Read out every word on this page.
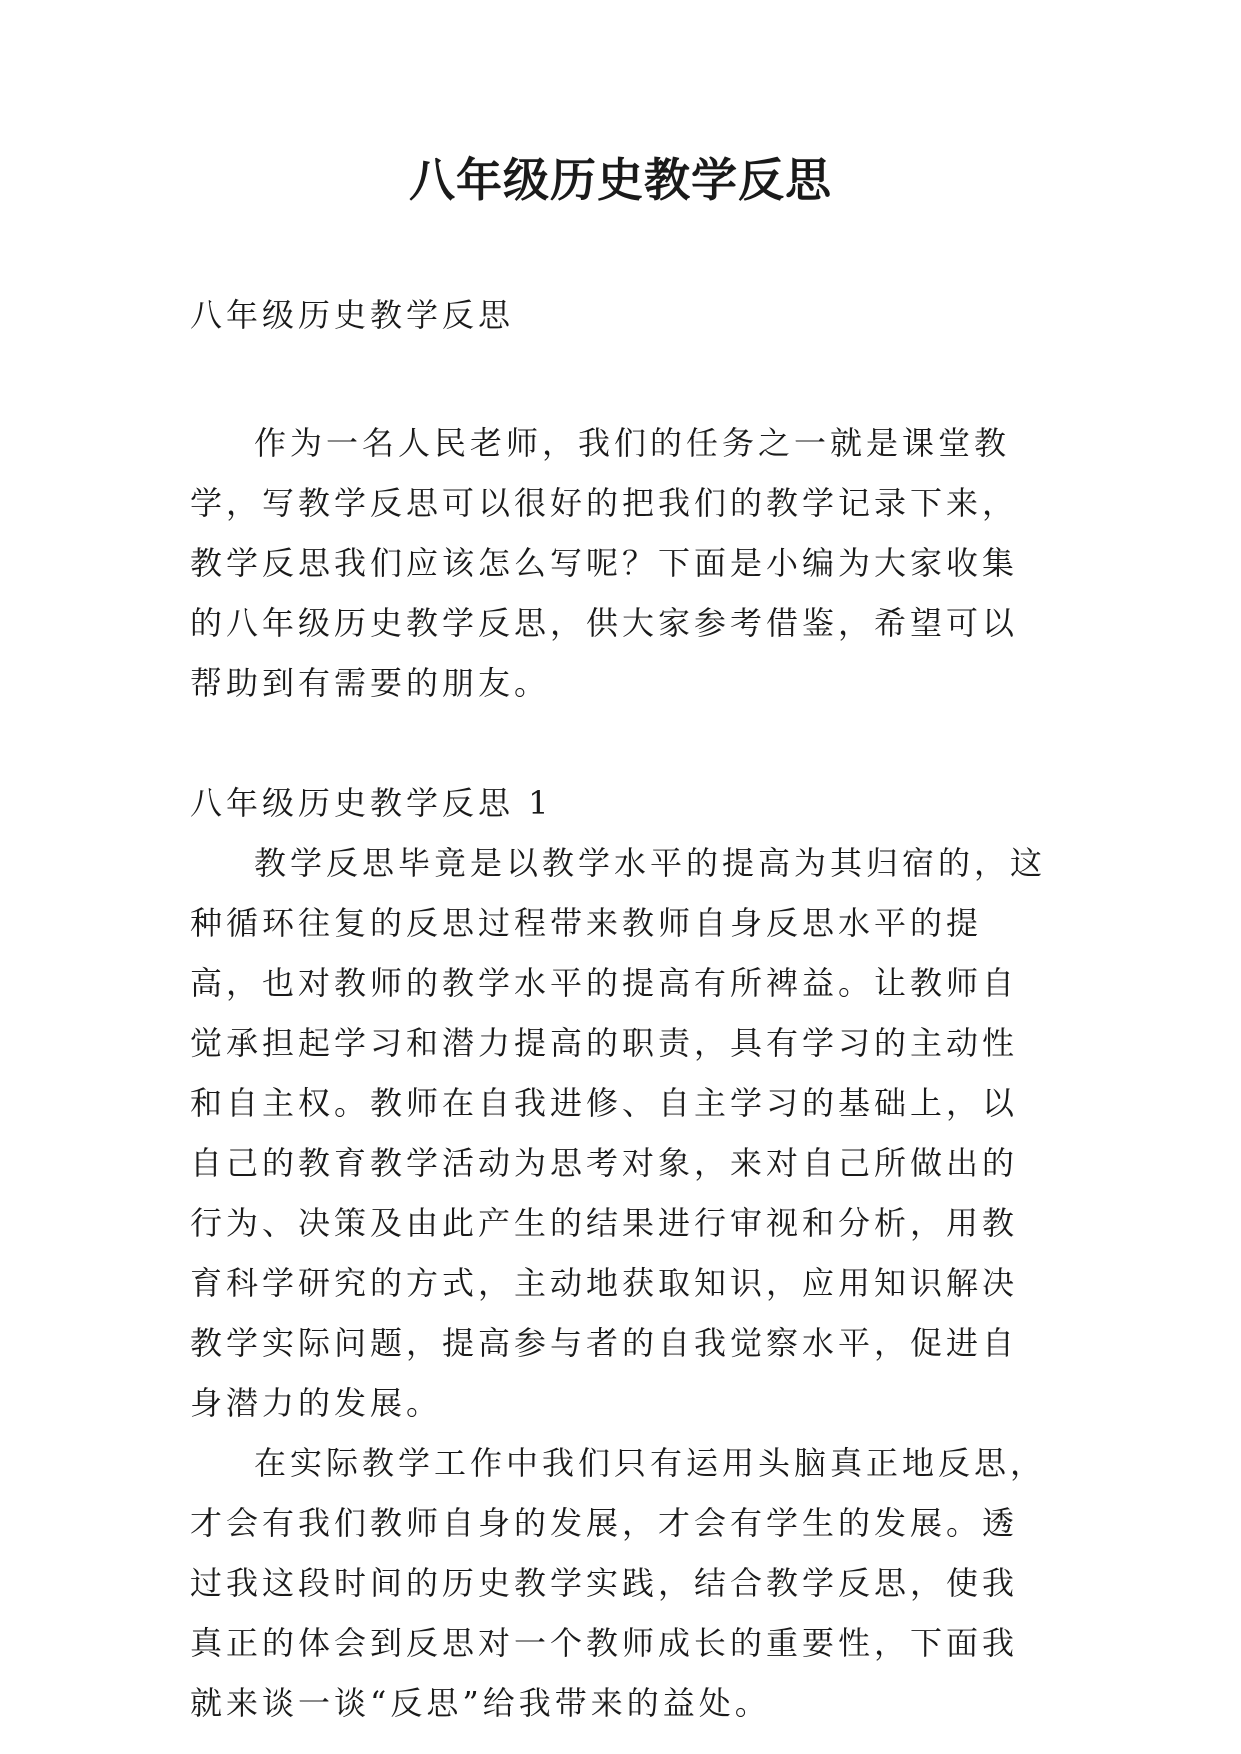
八年级历史教学反思

八年级历史教学反思

作为一名人民老师，我们的任务之一就是课堂教学，写教学反思可以很好的把我们的教学记录下来，教学反思我们应该怎么写呢？下面是小编为大家收集的八年级历史教学反思，供大家参考借鉴，希望可以帮助到有需要的朋友。

八年级历史教学反思 1

教学反思毕竟是以教学水平的提高为其归宿的，这种循环往复的反思过程带来教师自身反思水平的提高，也对教师的教学水平的提高有所裨益。让教师自觉承担起学习和潜力提高的职责，具有学习的主动性和自主权。教师在自我进修、自主学习的基础上，以自己的教育教学活动为思考对象，来对自己所做出的行为、决策及由此产生的结果进行审视和分析，用教育科学研究的方式，主动地获取知识，应用知识解决教学实际问题，提高参与者的自我觉察水平，促进自身潜力的发展。

在实际教学工作中我们只有运用头脑真正地反思，才会有我们教师自身的发展，才会有学生的发展。透过我这段时间的历史教学实践，结合教学反思，使我真正的体会到反思对一个教师成长的重要性，下面我就来谈一谈“反思”给我带来的益处。
